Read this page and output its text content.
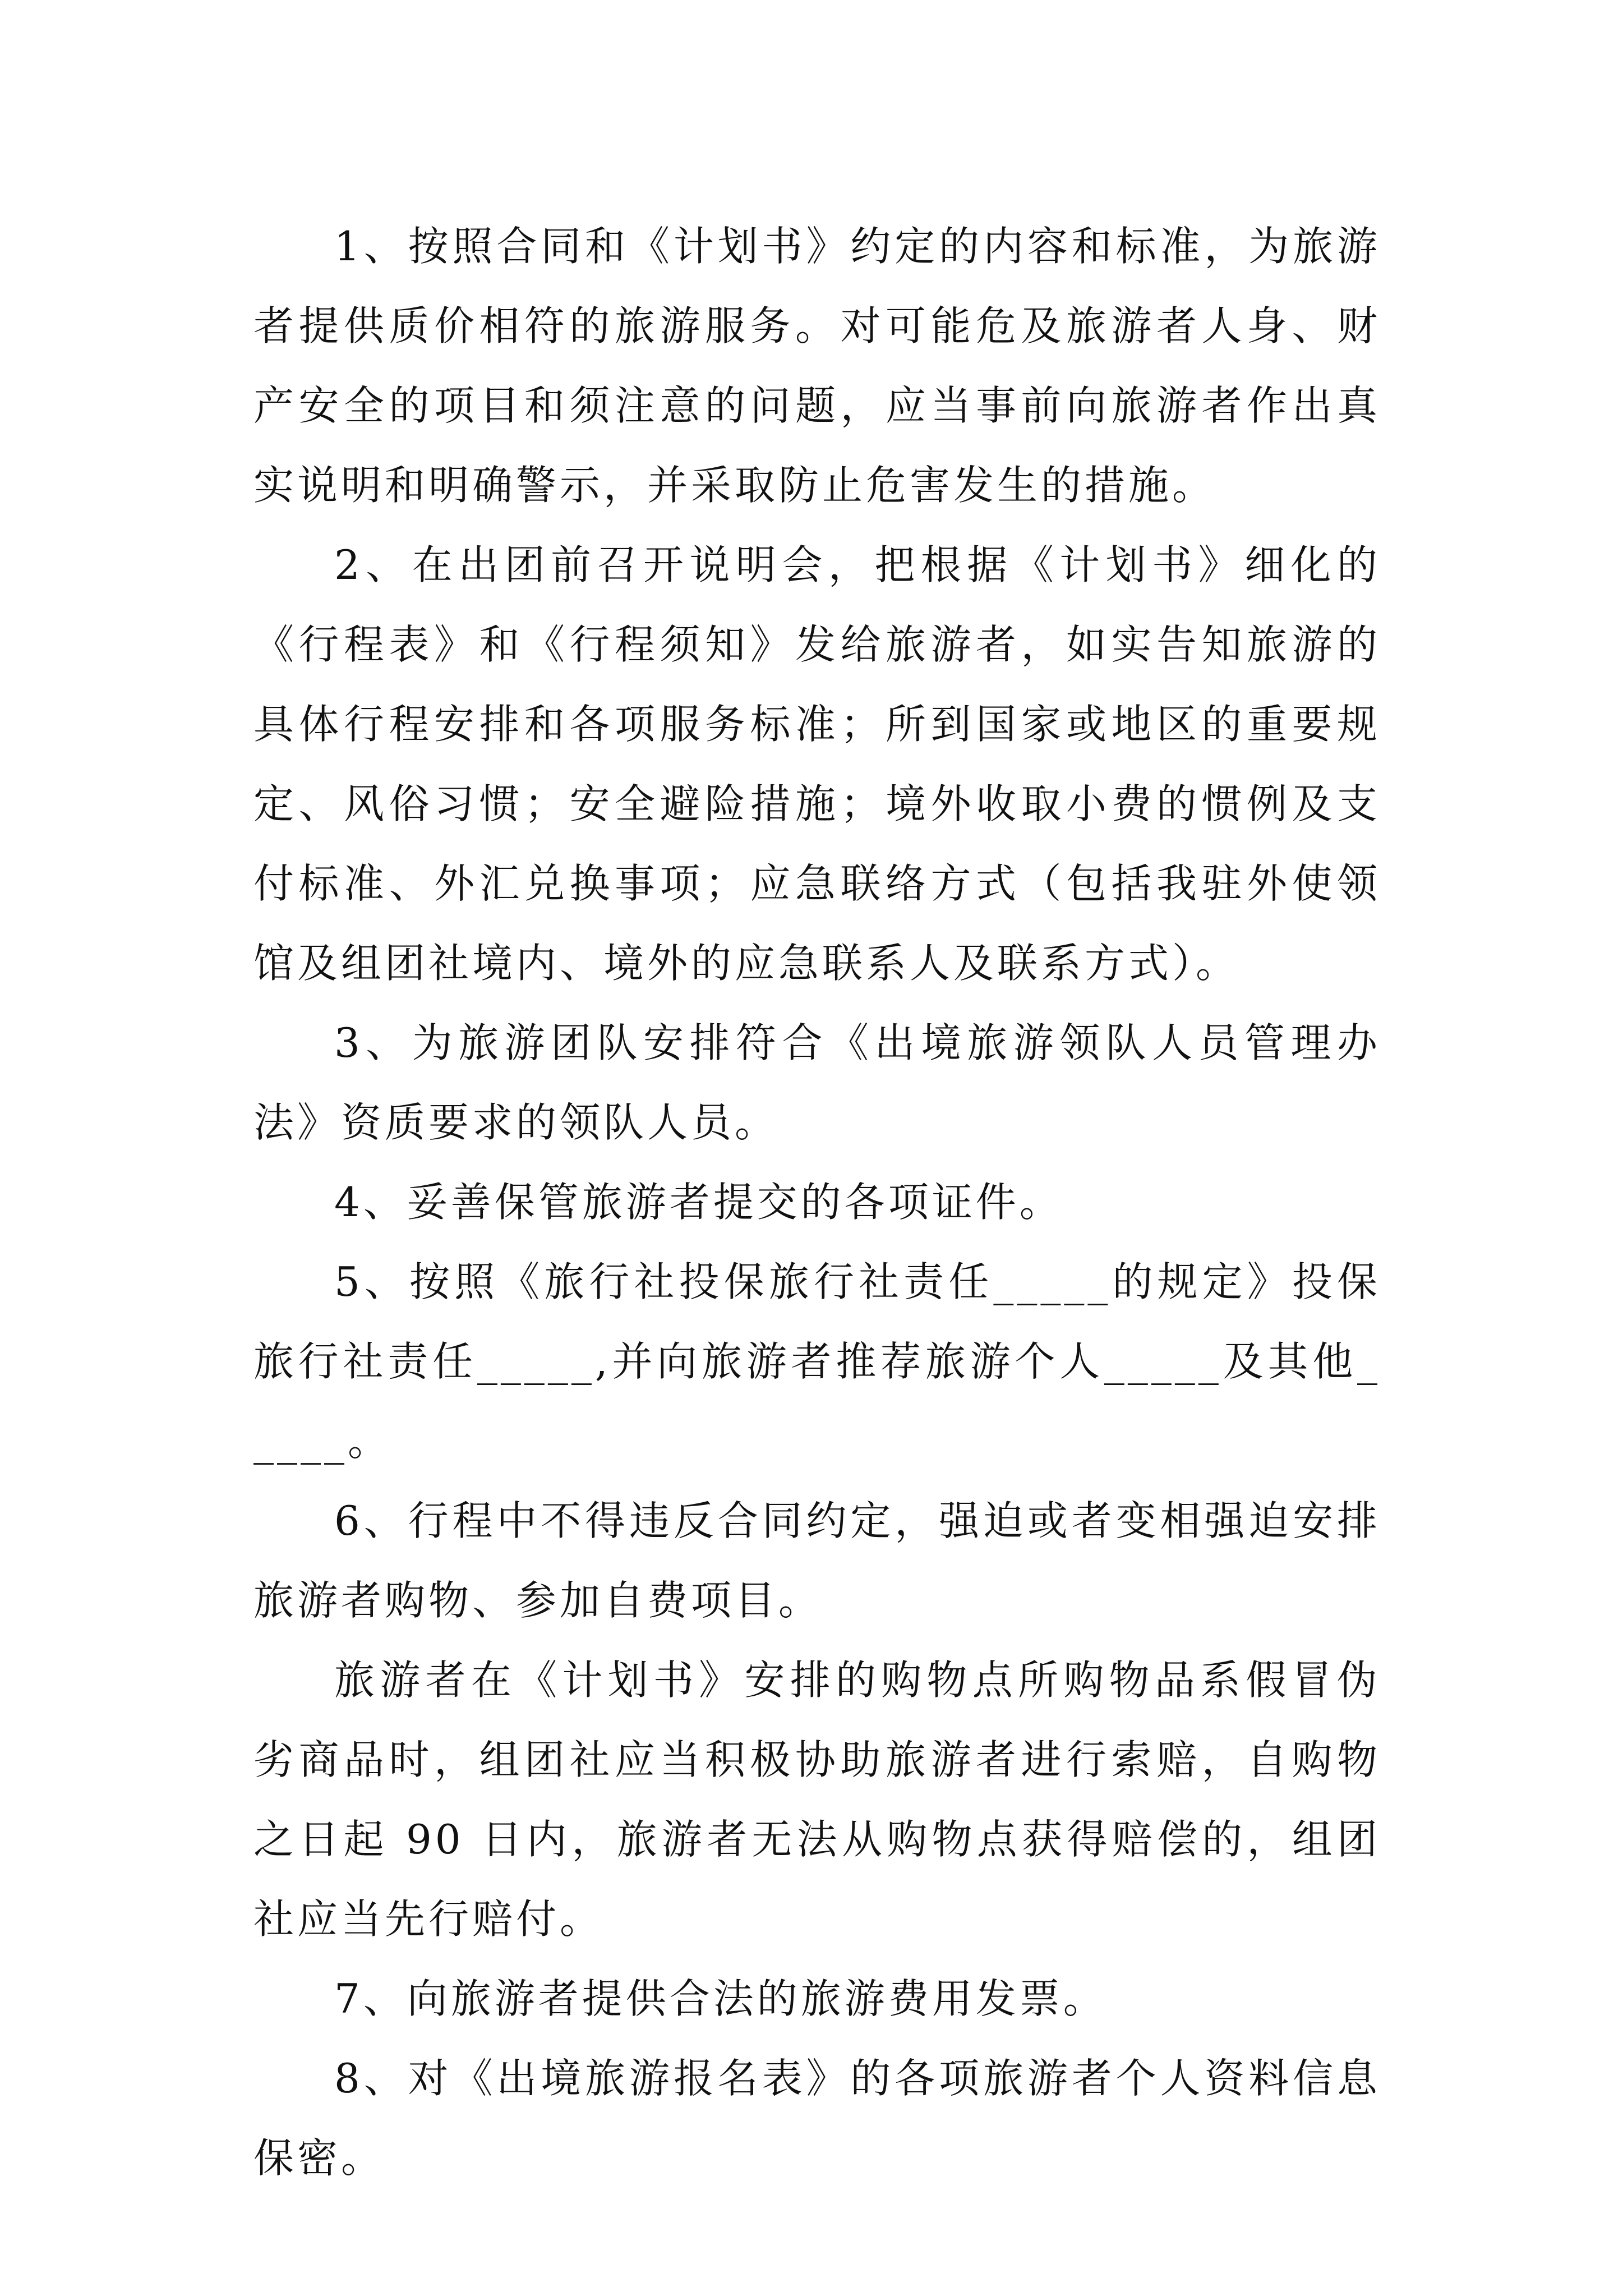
1、按照合同和《计划书》约定的内容和标准，为旅游者提供质价相符的旅游服务。对可能危及旅游者人身、财产安全的项目和须注意的问题，应当事前向旅游者作出真实说明和明确警示，并采取防止危害发生的措施。

2、在出团前召开说明会，把根据《计划书》细化的《行程表》和《行程须知》发给旅游者，如实告知旅游的具体行程安排和各项服务标准；所到国家或地区的重要规定、风俗习惯；安全避险措施；境外收取小费的惯例及支付标准、外汇兑换事项；应急联络方式（包括我驻外使领馆及组团社境内、境外的应急联系人及联系方式）。

3、为旅游团队安排符合《出境旅游领队人员管理办法》资质要求的领队人员。

4、妥善保管旅游者提交的各项证件。

5、按照《旅行社投保旅行社责任_____的规定》投保旅行社责任_____,并向旅游者推荐旅游个人_____及其他_____。

6、行程中不得违反合同约定，强迫或者变相强迫安排旅游者购物、参加自费项目。

旅游者在《计划书》安排的购物点所购物品系假冒伪劣商品时，组团社应当积极协助旅游者进行索赔，自购物之日起 90 日内，旅游者无法从购物点获得赔偿的，组团社应当先行赔付。

7、向旅游者提供合法的旅游费用发票。

8、对《出境旅游报名表》的各项旅游者个人资料信息保密。
